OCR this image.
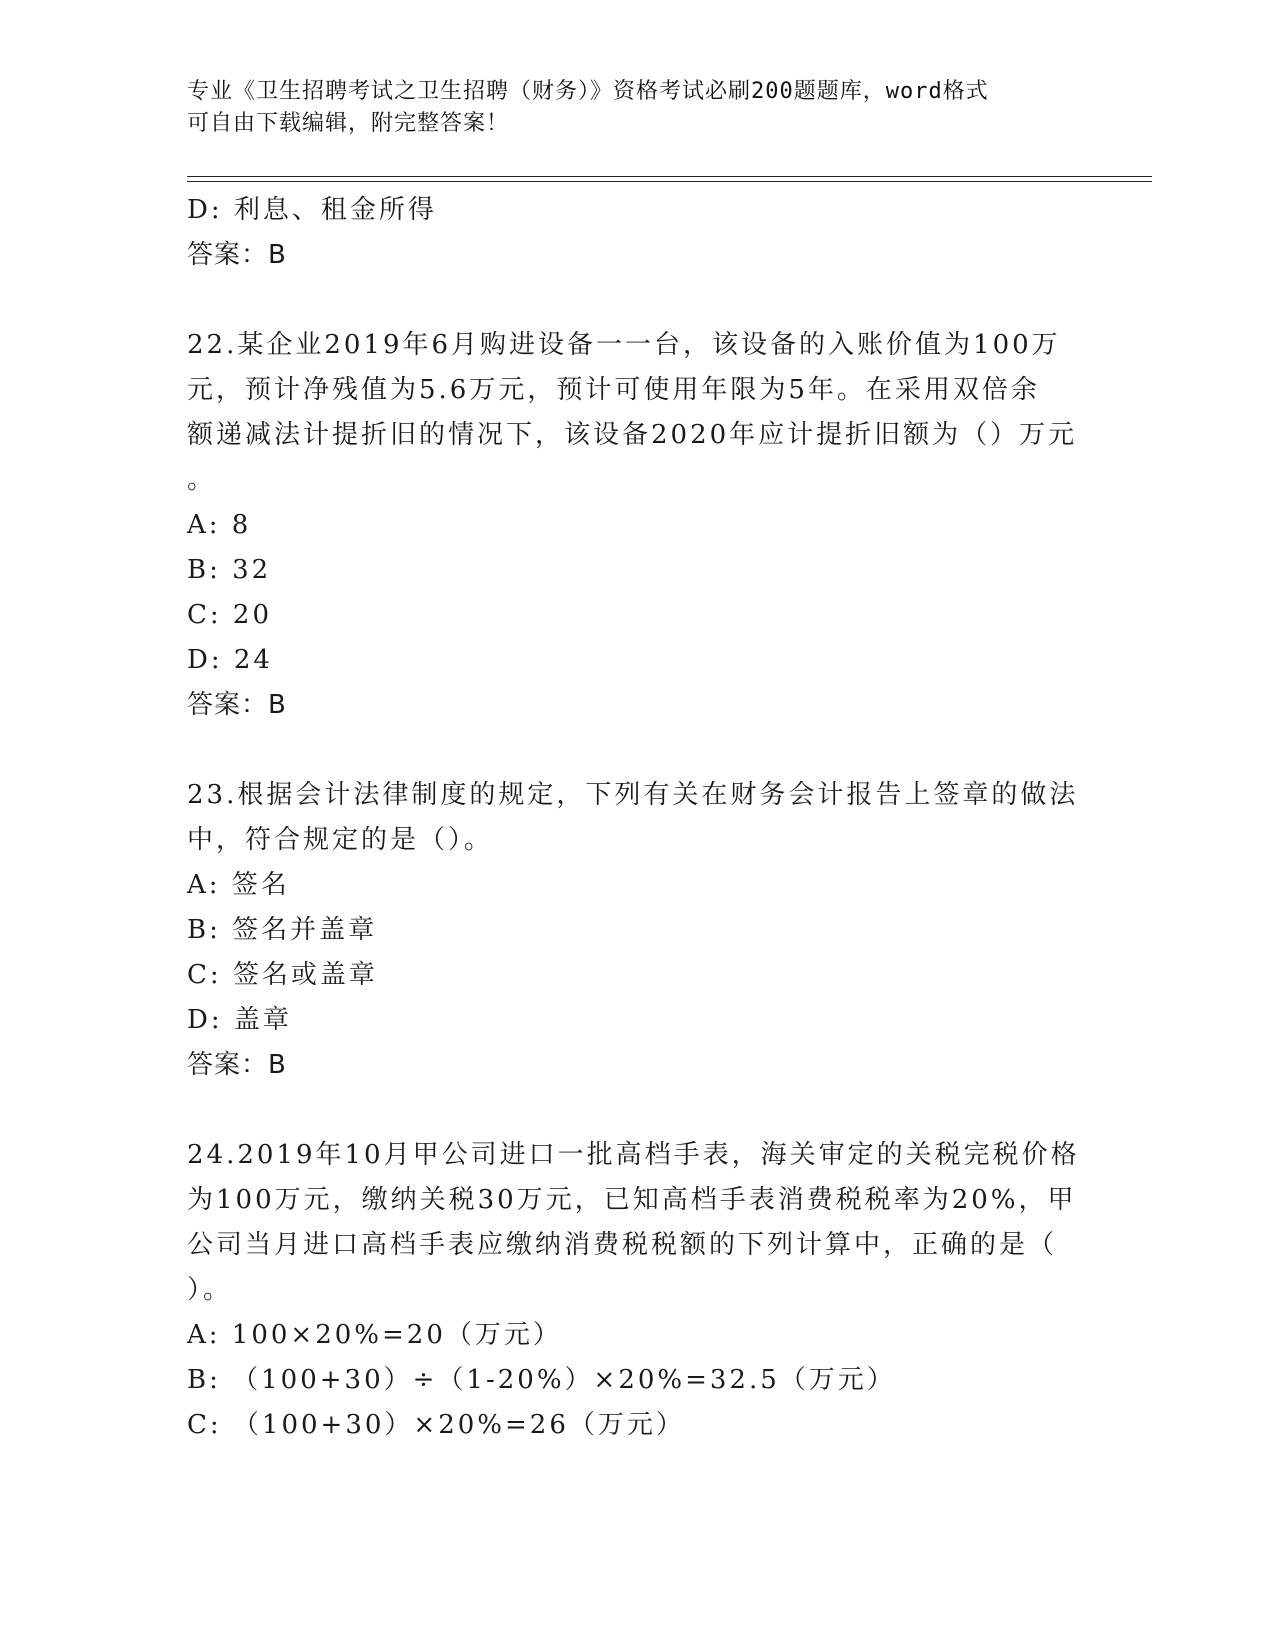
专业《卫生招聘考试之卫生招聘（财务）》资格考试必刷200题题库，word格式
可自由下载编辑，附完整答案！
D: 利息、租金所得
答案：B
22.某企业2019年6月购进设备一一台，该设备的入账价值为100万
元，预计净残值为5.6万元，预计可使用年限为5年。在采用双倍余
额递减法计提折旧的情况下，该设备2020年应计提折旧额为（）万元
。
A: 8
B: 32
C: 20
D: 24
答案：B
23.根据会计法律制度的规定，下列有关在财务会计报告上签章的做法
中，符合规定的是（）。
A: 签名
B: 签名并盖章
C: 签名或盖章
D: 盖章
答案：B
24.2019年10月甲公司进口一批高档手表，海关审定的关税完税价格
为100万元，缴纳关税30万元，已知高档手表消费税税率为20%，甲
公司当月进口高档手表应缴纳消费税税额的下列计算中，正确的是（
）。
A: 100×20%=20（万元）
B: （100+30）÷（1-20%）×20%=32.5（万元）
C: （100+30）×20%=26（万元）
